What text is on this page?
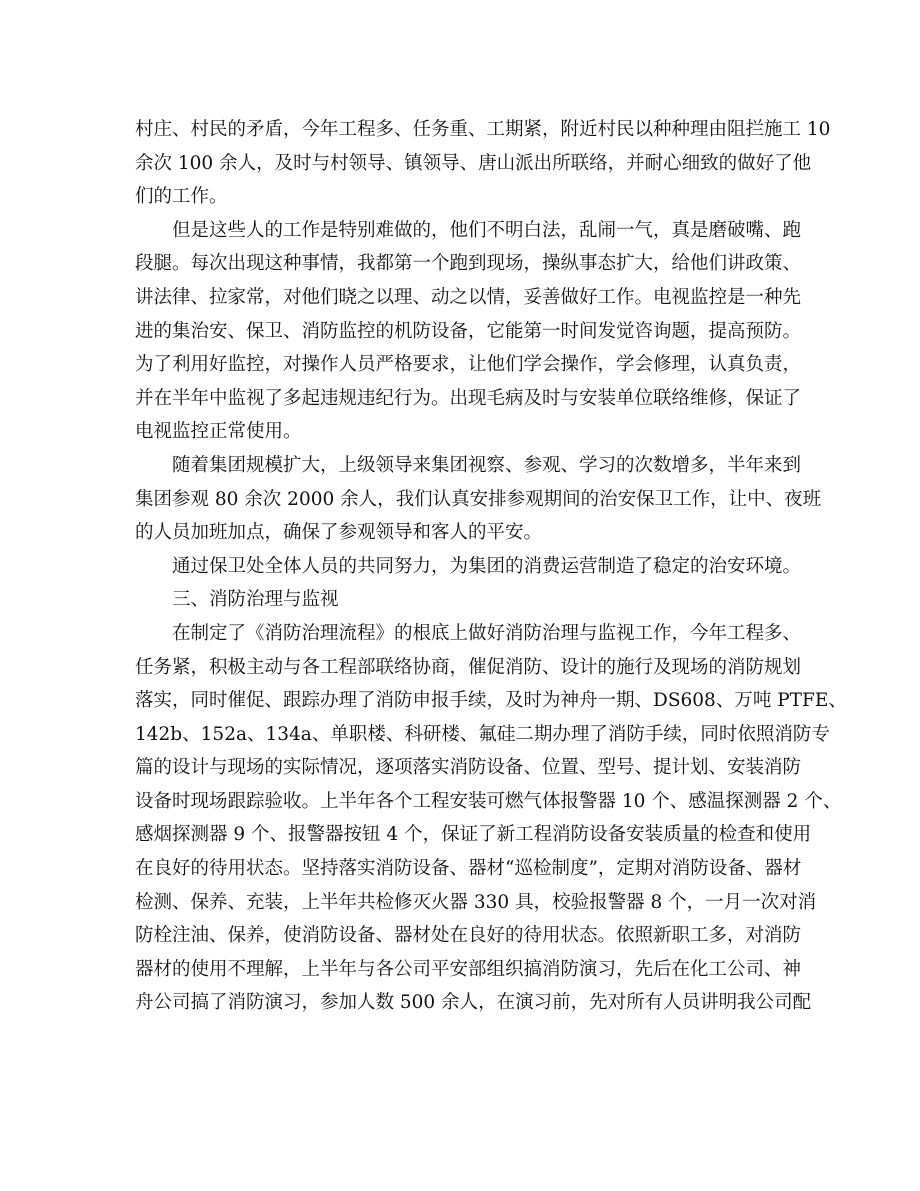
村庄、村民的矛盾，今年工程多、任务重、工期紧，附近村民以种种理由阻拦施工 10
余次 100 余人，及时与村领导、镇领导、唐山派出所联络，并耐心细致的做好了他
们的工作。
但是这些人的工作是特别难做的，他们不明白法，乱闹一气，真是磨破嘴、跑
段腿。每次出现这种事情，我都第一个跑到现场，操纵事态扩大，给他们讲政策、
讲法律、拉家常，对他们晓之以理、动之以情，妥善做好工作。电视监控是一种先
进的集治安、保卫、消防监控的机防设备，它能第一时间发觉咨询题，提高预防。
为了利用好监控，对操作人员严格要求，让他们学会操作，学会修理，认真负责，
并在半年中监视了多起违规违纪行为。出现毛病及时与安装单位联络维修，保证了
电视监控正常使用。
随着集团规模扩大，上级领导来集团视察、参观、学习的次数增多，半年来到
集团参观 80 余次 2000 余人，我们认真安排参观期间的治安保卫工作，让中、夜班
的人员加班加点，确保了参观领导和客人的平安。
通过保卫处全体人员的共同努力，为集团的消费运营制造了稳定的治安环境。
三、消防治理与监视
在制定了《消防治理流程》的根底上做好消防治理与监视工作，今年工程多、
任务紧，积极主动与各工程部联络协商，催促消防、设计的施行及现场的消防规划
落实，同时催促、跟踪办理了消防申报手续，及时为神舟一期、DS608、万吨 PTFE、
142b、152a、134a、单职楼、科研楼、氟硅二期办理了消防手续，同时依照消防专
篇的设计与现场的实际情况，逐项落实消防设备、位置、型号、提计划、安装消防
设备时现场跟踪验收。上半年各个工程安装可燃气体报警器 10 个、感温探测器 2 个、
感烟探测器 9 个、报警器按钮 4 个，保证了新工程消防设备安装质量的检查和使用
在良好的待用状态。坚持落实消防设备、器材“巡检制度”，定期对消防设备、器材
检测、保养、充装，上半年共检修灭火器 330 具，校验报警器 8 个，一月一次对消
防栓注油、保养，使消防设备、器材处在良好的待用状态。依照新职工多，对消防
器材的使用不理解，上半年与各公司平安部组织搞消防演习，先后在化工公司、神
舟公司搞了消防演习，参加人数 500 余人，在演习前，先对所有人员讲明我公司配
